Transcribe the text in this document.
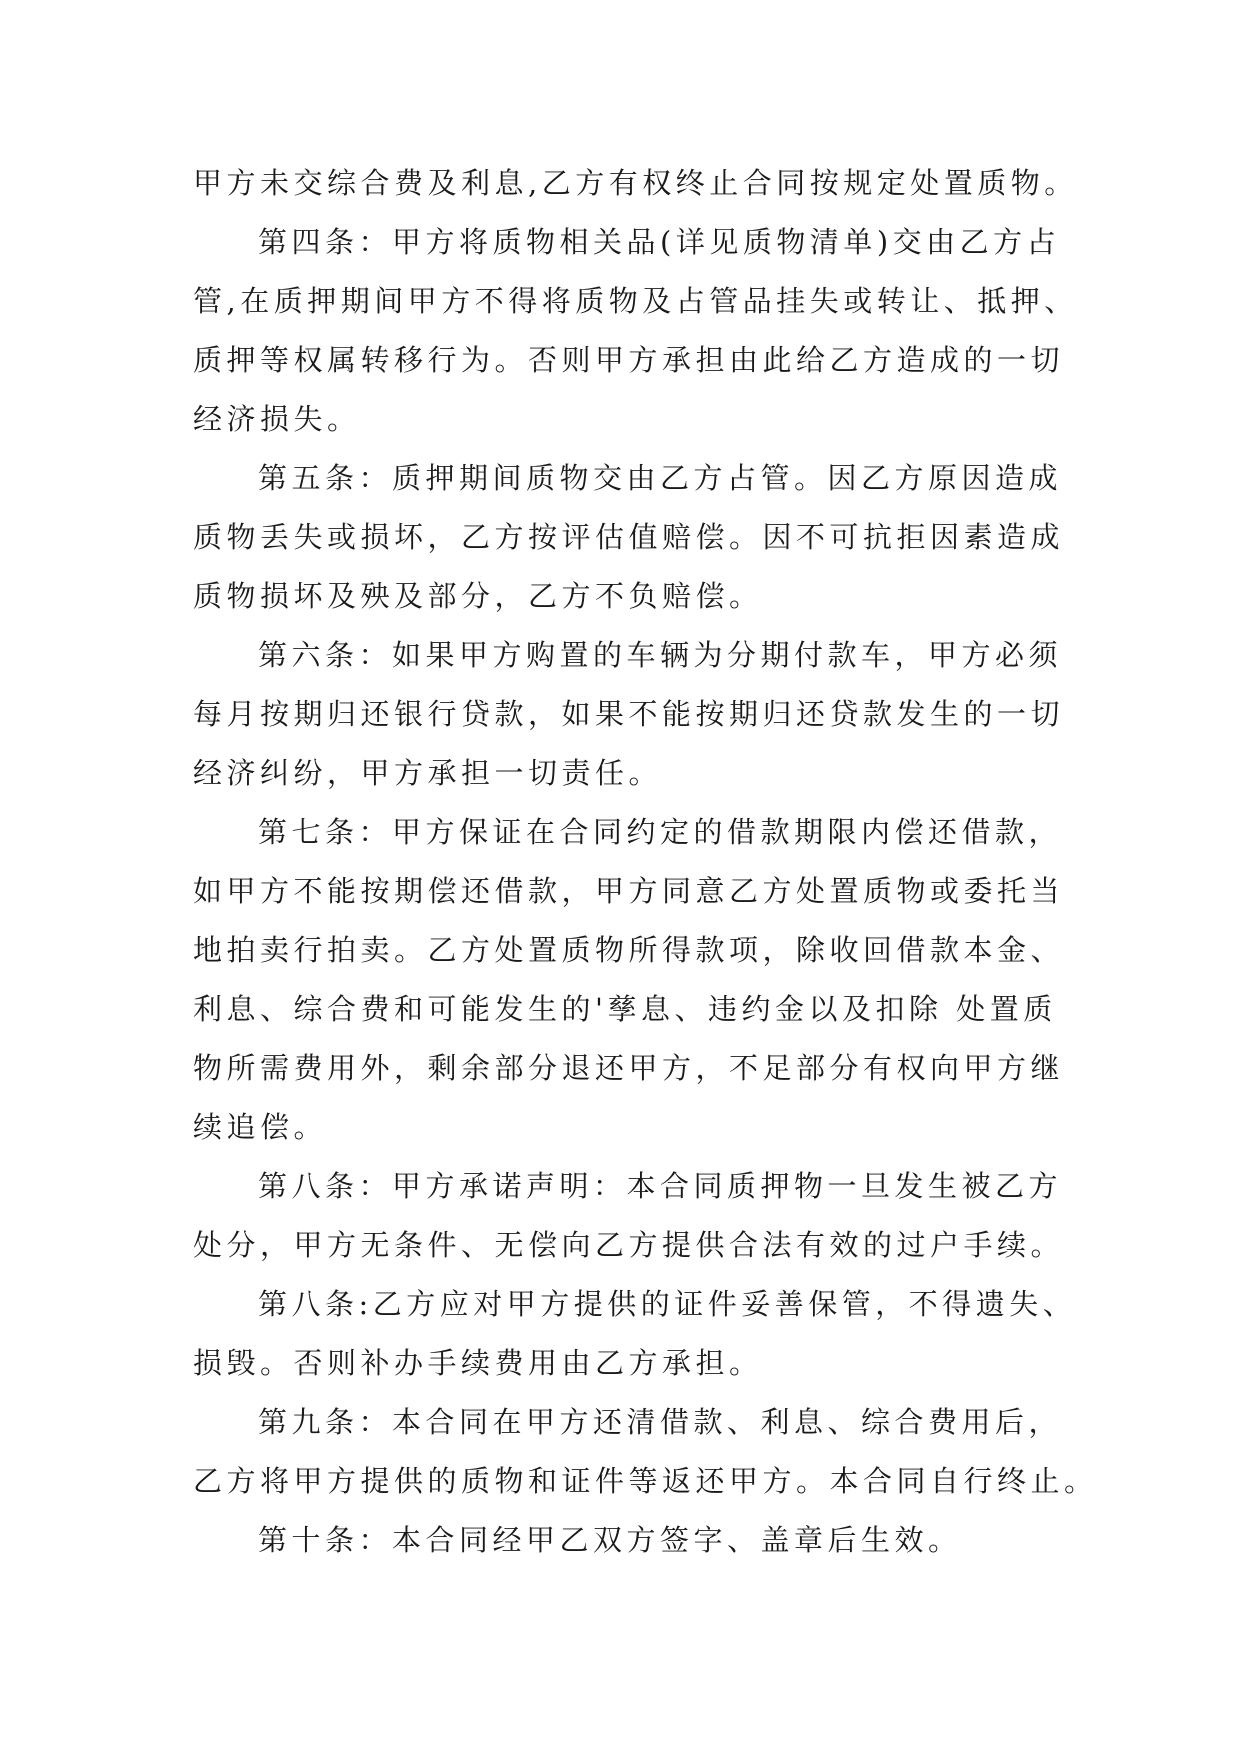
甲方未交综合费及利息,乙方有权终止合同按规定处置质物。
第四条：甲方将质物相关品(详见质物清单)交由乙方占
管,在质押期间甲方不得将质物及占管品挂失或转让、抵押、
质押等权属转移行为。否则甲方承担由此给乙方造成的一切
经济损失。
第五条：质押期间质物交由乙方占管。因乙方原因造成
质物丢失或损坏，乙方按评估值赔偿。因不可抗拒因素造成
质物损坏及殃及部分，乙方不负赔偿。
第六条：如果甲方购置的车辆为分期付款车，甲方必须
每月按期归还银行贷款，如果不能按期归还贷款发生的一切
经济纠纷，甲方承担一切责任。
第七条：甲方保证在合同约定的借款期限内偿还借款，
如甲方不能按期偿还借款，甲方同意乙方处置质物或委托当
地拍卖行拍卖。乙方处置质物所得款项，除收回借款本金、
利息、综合费和可能发生的'孳息、违约金以及扣除 处置质
物所需费用外，剩余部分退还甲方，不足部分有权向甲方继
续追偿。
第八条：甲方承诺声明：本合同质押物一旦发生被乙方
处分，甲方无条件、无偿向乙方提供合法有效的过户手续。
第八条:乙方应对甲方提供的证件妥善保管，不得遗失、
损毁。否则补办手续费用由乙方承担。
第九条：本合同在甲方还清借款、利息、综合费用后，
乙方将甲方提供的质物和证件等返还甲方。本合同自行终止。
第十条：本合同经甲乙双方签字、盖章后生效。
